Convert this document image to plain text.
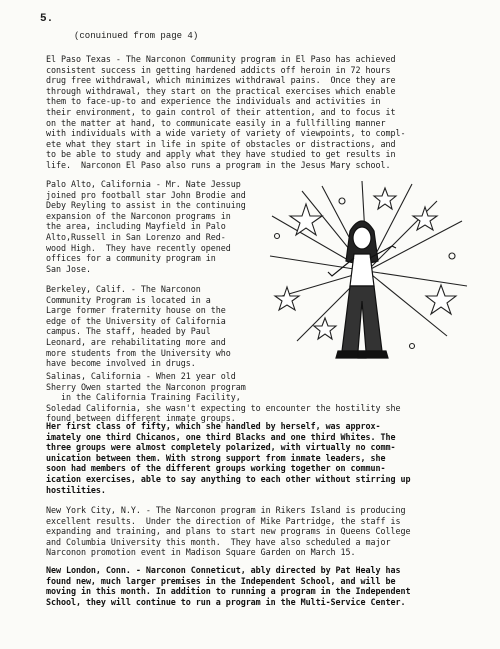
5.
(conuinued from page 4)
El Paso Texas - The Narconon Community program in El Paso has achieved
consistent success in getting hardened addicts off heroin in 72 hours
drug free withdrawal, which minimizes withdrawal pains.  Once they are
through withdrawal, they start on the practical exercises which enable
them to face-up-to and experience the individuals and activities in
their environment, to gain control of their attention, and to focus it
on the matter at hand, to communicate easily in a fullfilling manner
with individuals with a wide variety of variety of viewpoints, to compl-
ete what they start in life in spite of obstacles or distractions, and
to be able to study and apply what they have studied to get results in
life.  Narconon El Paso also runs a program in the Jesus Mary school.
Palo Alto, California - Mr. Nate Jessup
joined pro football star John Brodie and
Deby Reyling to assist in the continuing
expansion of the Narconon programs in
the area, including Mayfield in Palo
Alto,Russell in San Lorenzo and Red-
wood High.  They have recently opened
offices for a community program in
San Jose.
Berkeley, Calif. - The Narconon
Community Program is located in a
Large former fraternity house on the
edge of the University of California
campus. The staff, headed by Paul
Leonard, are rehabilitating more and
more students from the University who
have become involved in drugs.
Salinas, California - When 21 year old
Sherry Owen started the Narconon program
in the California Training Facility,
Soledad California, she wasn't expecting to encounter the hostility she
found between different inmate groups.
Her first class of fifty, which she handled by herself, was approx-
imately one third Chicanos, one third Blacks and one third Whites. The
three groups were almost completely polarized, with virtually no comm-
unication between them. With strong support from inmate leaders, she
soon had members of the different groups working together on commun-
ication exercises, able to say anything to each other without stirring up
hostilities.
New York City, N.Y. - The Narconon program in Rikers Island is producing
excellent results.  Under the direction of Mike Partridge, the staff is
expanding and training, and plans to start new programs in Queens College
and Columbia University this month.  They have also scheduled a major
Narconon promotion event in Madison Square Garden on March 15.
New London, Conn. - Narconon Conneticut, ably directed by Pat Healy has
found new, much larger premises in the Independent School, and will be
moving in this month. In addition to running a program in the Independent
School, they will continue to run a program in the Multi-Service Center.
